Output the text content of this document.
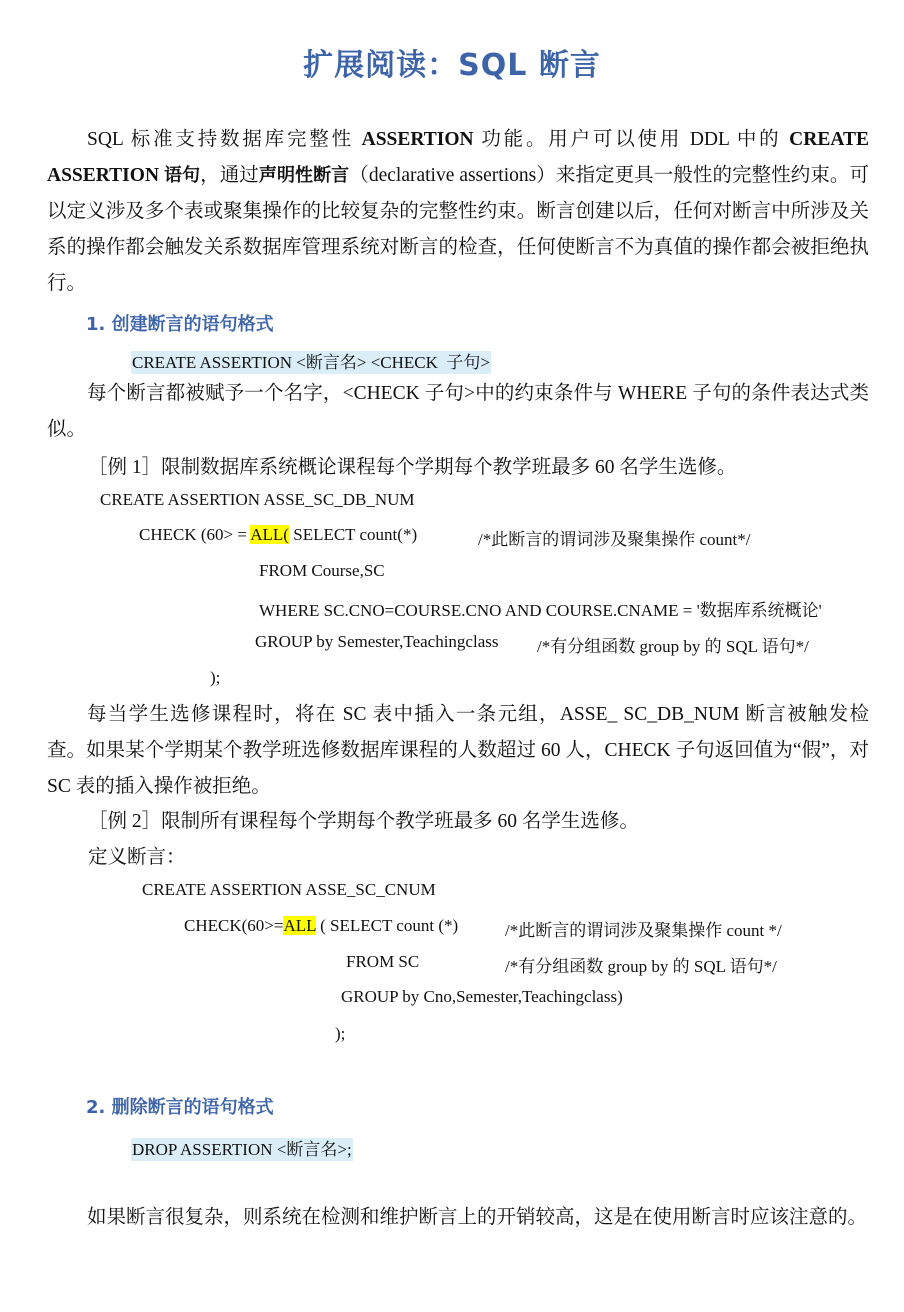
扩展阅读：SQL 断言

SQL 标准支持数据库完整性 ASSERTION 功能。用户可以使用 DDL 中的 CREATE ASSERTION 语句，通过声明性断言（declarative assertions）来指定更具一般性的完整性约束。可以定义涉及多个表或聚集操作的比较复杂的完整性约束。断言创建以后，任何对断言中所涉及关系的操作都会触发关系数据库管理系统对断言的检查，任何使断言不为真值的操作都会被拒绝执行。

1. 创建断言的语句格式
CREATE ASSERTION <断言名> <CHECK  子句>

每个断言都被赋予一个名字，<CHECK 子句>中的约束条件与 WHERE 子句的条件表达式类似。

［例 1］限制数据库系统概论课程每个学期每个教学班最多 60 名学生选修。
CREATE ASSERTION ASSE_SC_DB_NUM
CHECK (60> = ALL( SELECT count(*)	/*此断言的谓词涉及聚集操作 count*/
FROM Course,SC
WHERE SC.CNO=COURSE.CNO AND COURSE.CNAME = '数据库系统概论'
GROUP by Semester,Teachingclass /*有分组函数 group by 的 SQL 语句*/
);

每当学生选修课程时，将在 SC 表中插入一条元组，ASSE_ SC_DB_NUM 断言被触发检查。如果某个学期某个教学班选修数据库课程的人数超过 60 人，CHECK 子句返回值为“假”，对 SC 表的插入操作被拒绝。

［例 2］限制所有课程每个学期每个教学班最多 60 名学生选修。
定义断言：
CREATE ASSERTION ASSE_SC_CNUM
CHECK(60>=ALL ( SELECT count (*)	/*此断言的谓词涉及聚集操作 count */
FROM SC	/*有分组函数 group by 的 SQL 语句*/
GROUP by Cno,Semester,Teachingclass)
);
2. 删除断言的语句格式
DROP ASSERTION <断言名>;

如果断言很复杂，则系统在检测和维护断言上的开销较高，这是在使用断言时应该注意的。
